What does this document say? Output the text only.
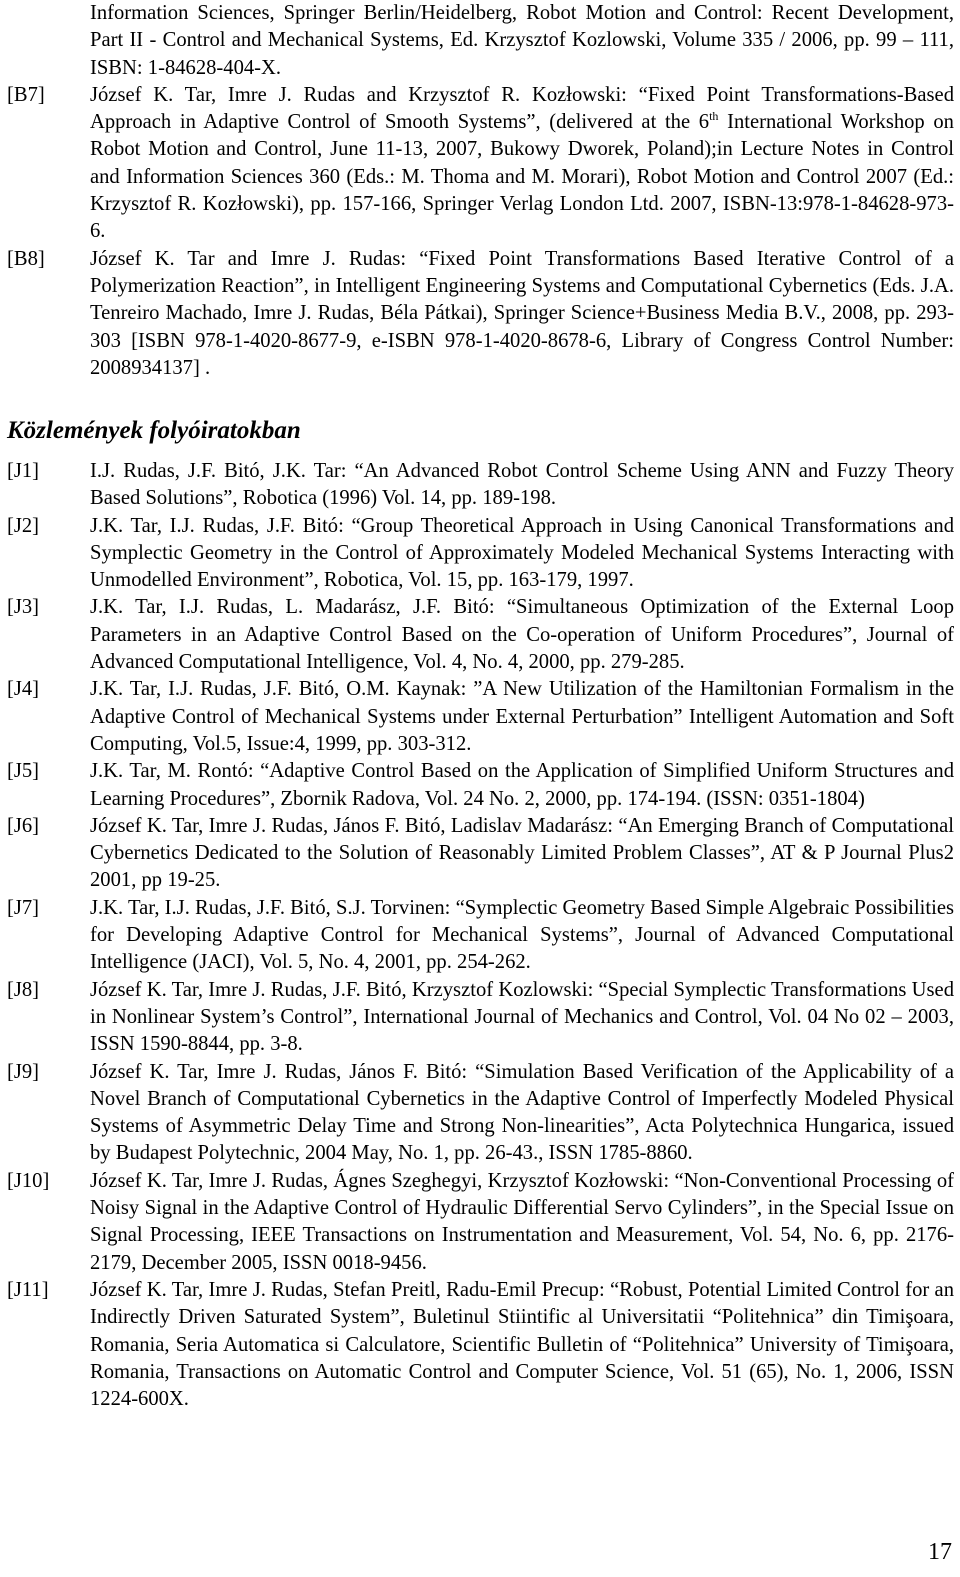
Information Sciences, Springer Berlin/Heidelberg, Robot Motion and Control: Recent Development, Part II - Control and Mechanical Systems, Ed. Krzysztof Kozlowski, Volume 335 / 2006, pp. 99 – 111, ISBN: 1-84628-404-X.
[B7] József K. Tar, Imre J. Rudas and Krzysztof R. Kozłowski: “Fixed Point Transformations-Based Approach in Adaptive Control of Smooth Systems”, (delivered at the 6th International Workshop on Robot Motion and Control, June 11-13, 2007, Bukowy Dworek, Poland);in Lecture Notes in Control and Information Sciences 360 (Eds.: M. Thoma and M. Morari), Robot Motion and Control 2007 (Ed.: Krzysztof R. Kozłowski), pp. 157-166, Springer Verlag London Ltd. 2007, ISBN-13:978-1-84628-973-6.
[B8] József K. Tar and Imre J. Rudas: “Fixed Point Transformations Based Iterative Control of a Polymerization Reaction”, in Intelligent Engineering Systems and Computational Cybernetics (Eds. J.A. Tenreiro Machado, Imre J. Rudas, Béla Pátkai), Springer Science+Business Media B.V., 2008, pp. 293-303 [ISBN 978-1-4020-8677-9, e-ISBN 978-1-4020-8678-6, Library of Congress Control Number: 2008934137] .
Közlemények folyóiratokban
[J1] I.J. Rudas, J.F. Bitó, J.K. Tar: “An Advanced Robot Control Scheme Using ANN and Fuzzy Theory Based Solutions”, Robotica (1996) Vol. 14, pp. 189-198.
[J2] J.K. Tar, I.J. Rudas, J.F. Bitó: “Group Theoretical Approach in Using Canonical Transformations and Symplectic Geometry in the Control of Approximately Modeled Mechanical Systems Interacting with Unmodelled Environment”, Robotica, Vol. 15, pp. 163-179, 1997.
[J3] J.K. Tar, I.J. Rudas, L. Madarász, J.F. Bitó: “Simultaneous Optimization of the External Loop Parameters in an Adaptive Control Based on the Co-operation of Uniform Procedures”, Journal of Advanced Computational Intelligence, Vol. 4, No. 4, 2000, pp. 279-285.
[J4] J.K. Tar, I.J. Rudas, J.F. Bitó, O.M. Kaynak: ”A New Utilization of the Hamiltonian Formalism in the Adaptive Control of Mechanical Systems under External Perturbation” Intelligent Automation and Soft Computing, Vol.5, Issue:4, 1999, pp. 303-312.
[J5] J.K. Tar, M. Rontó: “Adaptive Control Based on the Application of Simplified Uniform Structures and Learning Procedures”, Zbornik Radova, Vol. 24 No. 2, 2000, pp. 174-194. (ISSN: 0351-1804)
[J6] József K. Tar, Imre J. Rudas, János F. Bitó, Ladislav Madarász: “An Emerging Branch of Computational Cybernetics Dedicated to the Solution of Reasonably Limited Problem Classes”, AT & P Journal Plus2 2001, pp 19-25.
[J7] J.K. Tar, I.J. Rudas, J.F. Bitó, S.J. Torvinen: “Symplectic Geometry Based Simple Algebraic Possibilities for Developing Adaptive Control for Mechanical Systems”, Journal of Advanced Computational Intelligence (JACI), Vol. 5, No. 4, 2001, pp. 254-262.
[J8] József K. Tar, Imre J. Rudas, J.F. Bitó, Krzysztof Kozlowski: “Special Symplectic Transformations Used in Nonlinear System’s Control”, International Journal of Mechanics and Control, Vol. 04 No 02 – 2003, ISSN 1590-8844, pp. 3-8.
[J9] József K. Tar, Imre J. Rudas, János F. Bitó: “Simulation Based Verification of the Applicability of a Novel Branch of Computational Cybernetics in the Adaptive Control of Imperfectly Modeled Physical Systems of Asymmetric Delay Time and Strong Non-linearities”, Acta Polytechnica Hungarica, issued by Budapest Polytechnic, 2004 May, No. 1, pp. 26-43., ISSN 1785-8860.
[J10] József K. Tar, Imre J. Rudas, Ágnes Szeghegyi, Krzysztof Kozłowski: “Non-Conventional Processing of Noisy Signal in the Adaptive Control of Hydraulic Differential Servo Cylinders”, in the Special Issue on Signal Processing, IEEE Transactions on Instrumentation and Measurement, Vol. 54, No. 6, pp. 2176-2179, December 2005, ISSN 0018-9456.
[J11] József K. Tar, Imre J. Rudas, Stefan Preitl, Radu-Emil Precup: “Robust, Potential Limited Control for an Indirectly Driven Saturated System”, Buletinul Stiintific al Universitatii “Politehnica” din Timişoara, Romania, Seria Automatica si Calculatore, Scientific Bulletin of “Politehnica” University of Timişoara, Romania, Transactions on Automatic Control and Computer Science, Vol. 51 (65), No. 1, 2006, ISSN 1224-600X.
17
